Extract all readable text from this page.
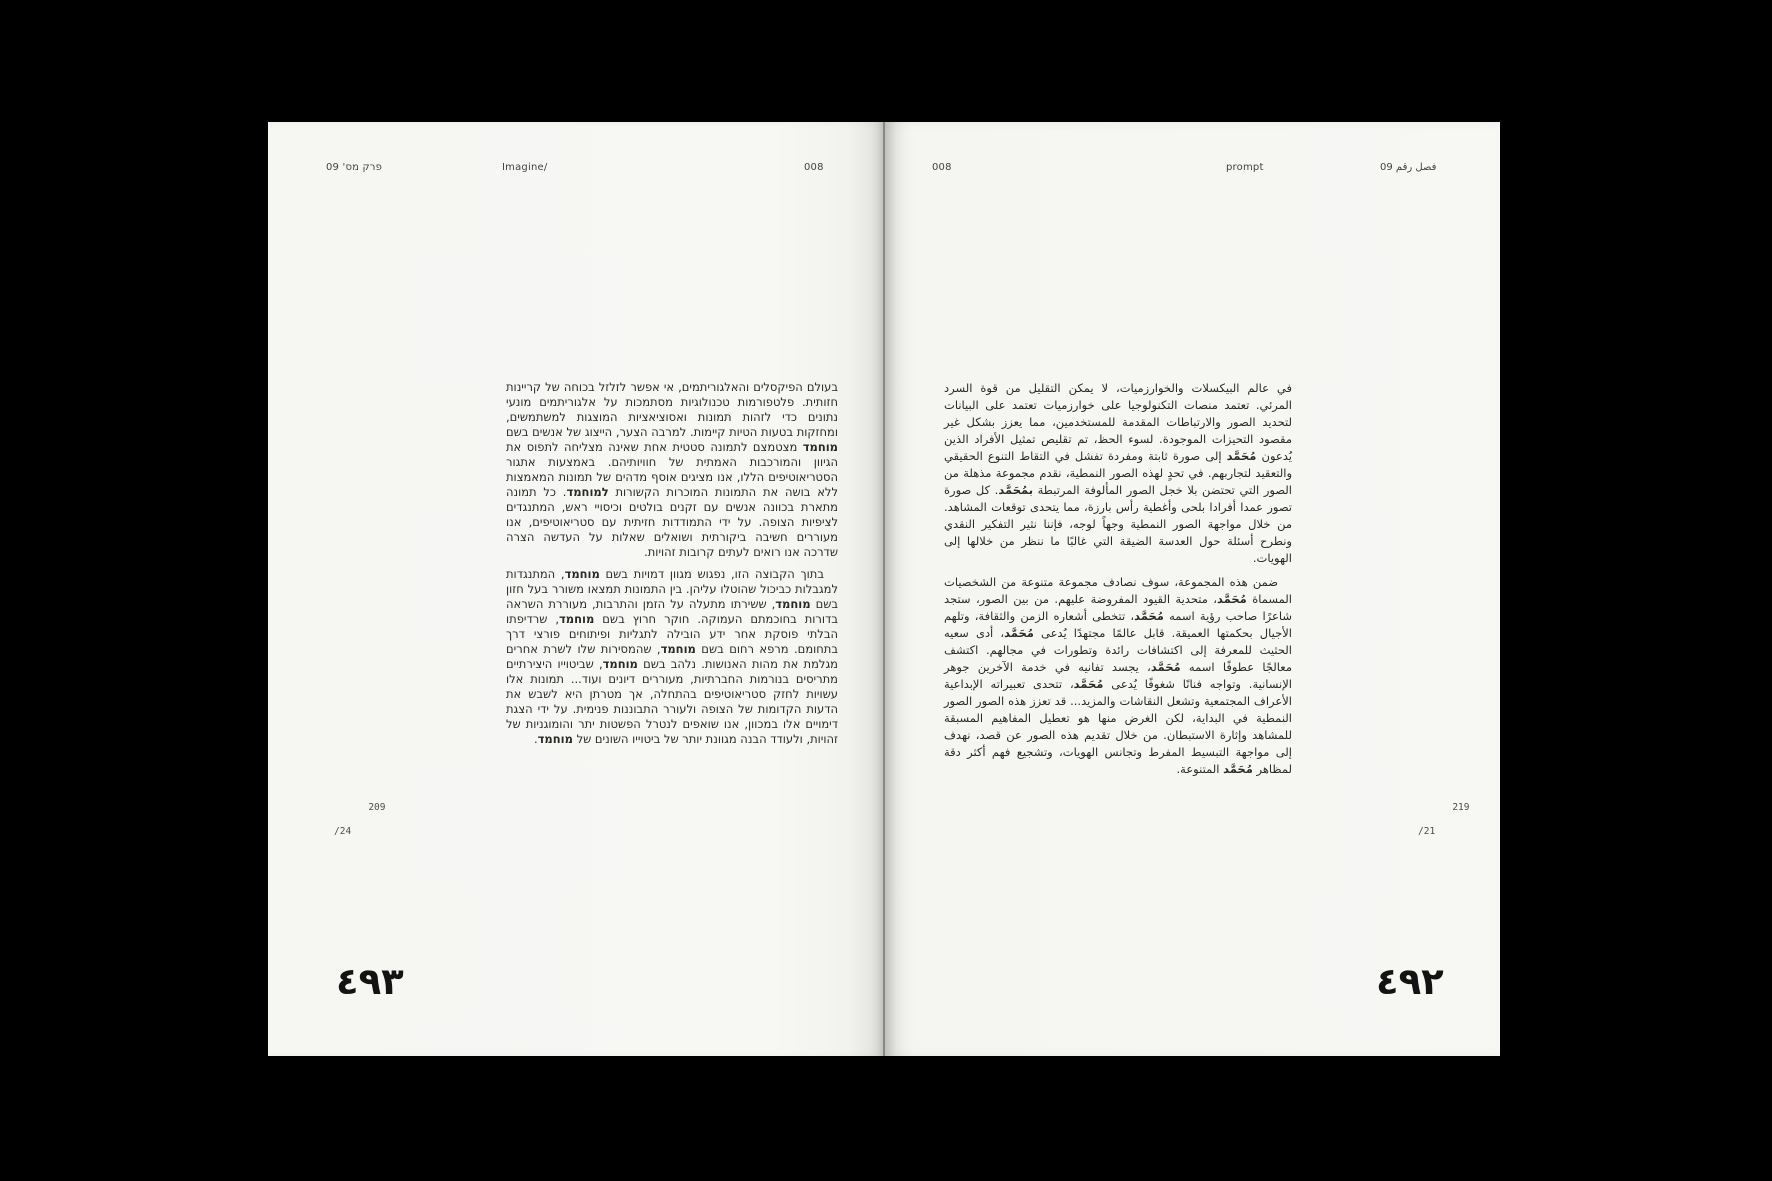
פרק מס' 09	Imagine/	008

בעולם הפיקסלים והאלגוריתמים, אי אפשר לזלזל בכוחה של קריינות חזותית. פלטפורמות טכנולוגיות מסתמכות על אלגוריתמים מונעי נתונים כדי לזהות תמונות ואסוציאציות המוצגות למשתמשים, ומחזקות בטעות הטיות קיימות. למרבה הצער, הייצוג של אנשים בשם מוחמד מצטמצם לתמונה סטטית אחת שאינה מצליחה לתפוס את הגיוון והמורכבות האמתית של חוויותיהם. באמצעות אתגור הסטריאוטיפים הללו, אנו מציגים אוסף מדהים של תמונות המאמצות ללא בושה את התמונות המוכרות הקשורות למוחמד. כל תמונה מתארת בכוונה אנשים עם זקנים בולטים וכיסויי ראש, המתנגדים לציפיות הצופה. על ידי התמודדות חזיתית עם סטריאוטיפים, אנו מעוררים חשיבה ביקורתית ושואלים שאלות על העדשה הצרה שדרכה אנו רואים לעתים קרובות זהויות.

בתוך הקבוצה הזו, נפגוש מגוון דמויות בשם מוחמד, המתנגדות למגבלות כביכול שהוטלו עליהן. בין התמונות תמצאו משורר בעל חזון בשם מוחמד, ששירתו מתעלה על הזמן והתרבות, מעוררת השראה בדורות בחוכמתם העמוקה. חוקר חרוץ בשם מוחמד, שרדיפתו הבלתי פוסקת אחר ידע הובילה לתגליות ופיתוחים פורצי דרך בתחומם. מרפא רחום בשם מוחמד, שהמסירות שלו לשרת אחרים מגלמת את מהות האנושות. נלהב בשם מוחמד, שביטוייו היצירתיים מתריסים בנורמות החברתיות, מעוררים דיונים ועוד... תמונות אלו עשויות לחזק סטריאוטיפים בהתחלה, אך מטרתן היא לשבש את הדעות הקדומות של הצופה ולעורר התבוננות פנימית. על ידי הצגת דימויים אלו במכוון, אנו שואפים לנטרל הפשטות יתר והומוגניות של זהויות, ולעודד הבנה מגוונת יותר של ביטוייו השונים של מוחמד.

209

/24

٤٩٣
008	prompt	فصل رقم 09

في عالم البيكسلات والخوارزميات، لا يمكن التقليل من قوة السرد المرئي. تعتمد منصات التكنولوجيا على خوارزميات تعتمد على البيانات لتحديد الصور والارتباطات المقدمة للمستخدمين، مما يعزز بشكل غير مقصود التحيزات الموجودة. لسوء الحظ، تم تقليص تمثيل الأفراد الذين يُدعون مُحَمَّد إلى صورة ثابتة ومفردة تفشل في التقاط التنوع الحقيقي والتعقيد لتجاربهم. في تحدٍ لهذه الصور النمطية، نقدم مجموعة مذهلة من الصور التي تحتضن بلا خجل الصور المألوفة المرتبطة بمُحَمَّد. كل صورة تصور عمدا أفرادا بلحى وأغطية رأس بارزة، مما يتحدى توقعات المشاهد. من خلال مواجهة الصور النمطية وجهاً لوجه، فإننا نثير التفكير النقدي ونطرح أسئلة حول العدسة الضيقة التي غالبًا ما ننظر من خلالها إلى الهويات.

ضمن هذه المجموعة، سوف نصادف مجموعة متنوعة من الشخصيات المسماة مُحَمَّد، متحدية القيود المفروضة عليهم. من بين الصور، ستجد شاعرًا صاحب رؤية اسمه مُحَمَّد، تتخطى أشعاره الزمن والثقافة، وتلهم الأجيال بحكمتها العميقة. قابل عالمًا مجتهدًا يُدعى مُحَمَّد، أدى سعيه الحثيث للمعرفة إلى اكتشافات رائدة وتطورات في مجالهم. اكتشف معالجًا عطوفًا اسمه مُحَمَّد، يجسد تفانيه في خدمة الآخرين جوهر الإنسانية. وتواجه فنانًا شغوفًا يُدعى مُحَمَّد، تتحدى تعبيراته الإبداعية الأعراف المجتمعية وتشعل النقاشات والمزيد... قد تعزز هذه الصور الصور النمطية في البداية، لكن الغرض منها هو تعطيل المفاهيم المسبقة للمشاهد وإثارة الاستبطان. من خلال تقديم هذه الصور عن قصد، نهدف إلى مواجهة التبسيط المفرط وتجانس الهويات، وتشجيع فهم أكثر دقة لمظاهر مُحَمَّد المتنوعة.

219

/21

٤٩٢
